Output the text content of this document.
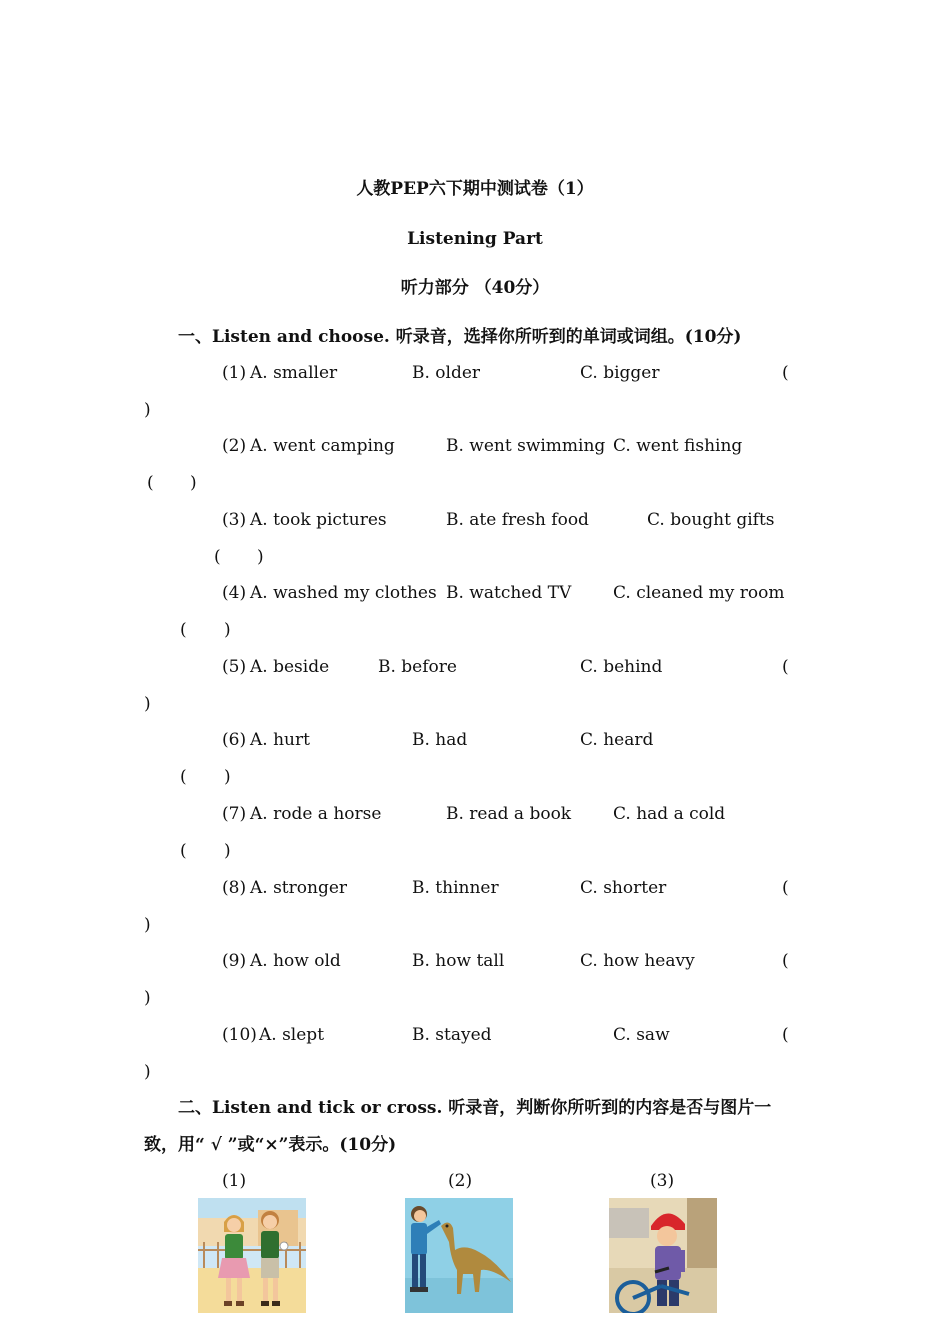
人教PEP六下期中测试卷（1）
Listening Part
听力部分 （40分）
一、Listen and choose. 听录音，选择你所听到的单词或词组。(10分)
(1) A. smaller	B. older	C. bigger	(
)
(2) A. went camping	B. went swimming C. went fishing
( )
(3) A. took pictures	B. ate fresh food	C. bought gifts
( )
(4) A. washed my clothes B. watched TV C. cleaned my room
( )
(5) A. beside	B. before	C. behind	(
)
(6) A. hurt	B. had	C. heard
( )
(7) A. rode a horse	B. read a book C. had a cold
( )
(8) A. stronger	B. thinner	C. shorter	(
)
(9) A. how old	B. how tall	C. how heavy	(
)
(10) A. slept	B. stayed	C. saw	(
)
二、Listen and tick or cross. 听录音，判断你所听到的内容是否与图片一
致，用“ √ ”或“×”表示。(10分)
(1)	(2)	(3)
